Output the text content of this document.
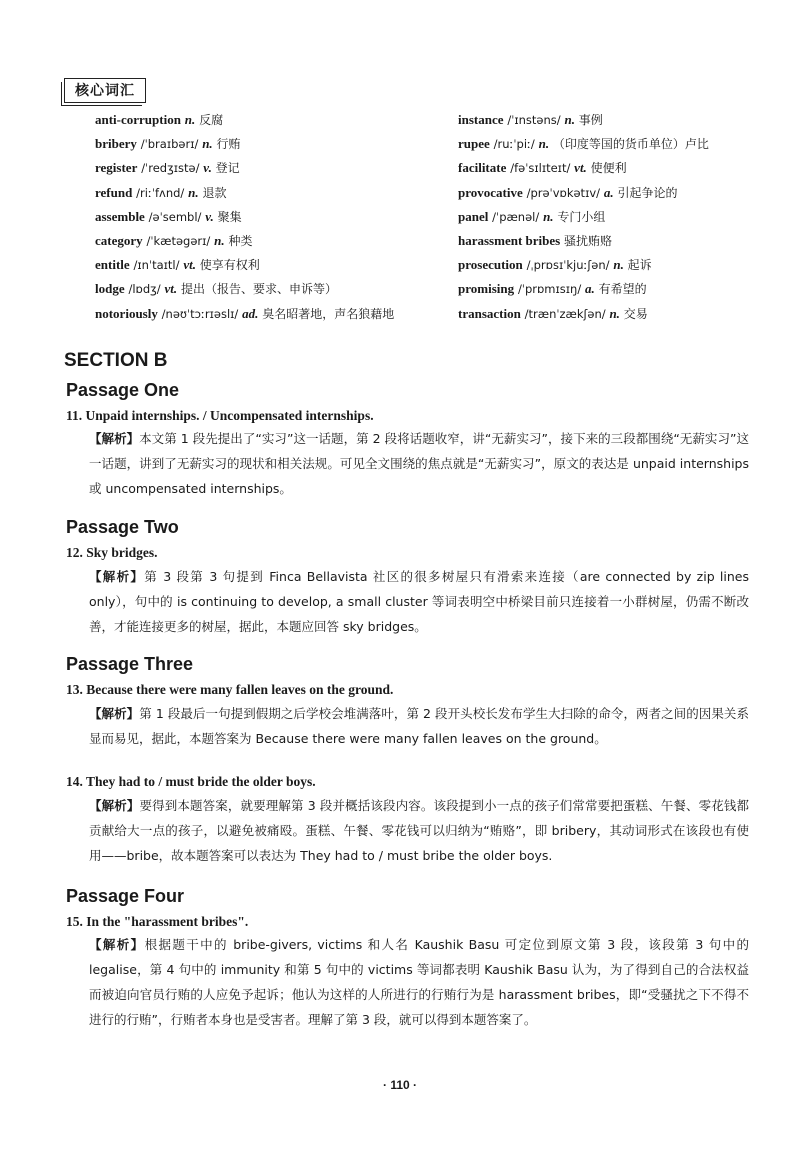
核心词汇
anti-corruption n. 反腐
bribery /ˈbraɪbərɪ/ n. 行贿
register /ˈredʒɪstə/ v. 登记
refund /riːˈfʌnd/ n. 退款
assemble /əˈsembl/ v. 聚集
category /ˈkætəgərɪ/ n. 种类
entitle /ɪnˈtaɪtl/ vt. 使享有权利
lodge /lɒdʒ/ vt. 提出（报告、要求、申诉等）
notoriously /nəʊˈtɔːrɪəslɪ/ ad. 臭名昭著地，声名狼藉地
instance /ˈɪnstəns/ n. 事例
rupee /ruːˈpiː/ n. （印度等国的货币单位）卢比
facilitate /fəˈsɪlɪteɪt/ vt. 使便利
provocative /prəˈvɒkətɪv/ a. 引起争论的
panel /ˈpænəl/ n. 专门小组
harassment bribes 骚扰贿赂
prosecution /ˌprɒsɪˈkjuːʃən/ n. 起诉
promising /ˈprɒmɪsɪŋ/ a. 有希望的
transaction /trænˈzækʃən/ n. 交易
SECTION B
Passage One

11. Unpaid internships. / Uncompensated internships.

【解析】本文第 1 段先提出了“实习”这一话题，第 2 段将话题收窄，讲“无薪实习”，接下来的三段都围绕“无薪实习”这一话题，讲到了无薪实习的现状和相关法规。可见全文围绕的焦点就是“无薪实习”，原文的表达是 unpaid internships 或 uncompensated internships。

Passage Two

12. Sky bridges.

【解析】第 3 段第 3 句提到 Finca Bellavista 社区的很多树屋只有滑索来连接（are connected by zip lines only），句中的 is continuing to develop, a small cluster 等词表明空中桥梁目前只连接着一小群树屋，仍需不断改善，才能连接更多的树屋，据此，本题应回答 sky bridges。

Passage Three

13. Because there were many fallen leaves on the ground.

【解析】第 1 段最后一句提到假期之后学校会堆满落叶，第 2 段开头校长发布学生大扫除的命令，两者之间的因果关系显而易见，据此，本题答案为 Because there were many fallen leaves on the ground。

14. They had to / must bride the older boys.

【解析】要得到本题答案，就要理解第 3 段并概括该段内容。该段提到小一点的孩子们常常要把蛋糕、午餐、零花钱都贡献给大一点的孩子，以避免被痛殴。蛋糕、午餐、零花钱可以归纳为“贿赂”，即 bribery，其动词形式在该段也有使用——bribe，故本题答案可以表达为 They had to / must bribe the older boys.

Passage Four

15. In the "harassment bribes".

【解析】根据题干中的 bribe-givers, victims 和人名 Kaushik Basu 可定位到原文第 3 段，该段第 3 句中的 legalise，第 4 句中的 immunity 和第 5 句中的 victims 等词都表明 Kaushik Basu 认为，为了得到自己的合法权益而被迫向官员行贿的人应免予起诉；他认为这样的人所进行的行贿行为是 harassment bribes，即“受骚扰之下不得不进行的行贿”，行贿者本身也是受害者。理解了第 3 段，就可以得到本题答案了。

· 110 ·
